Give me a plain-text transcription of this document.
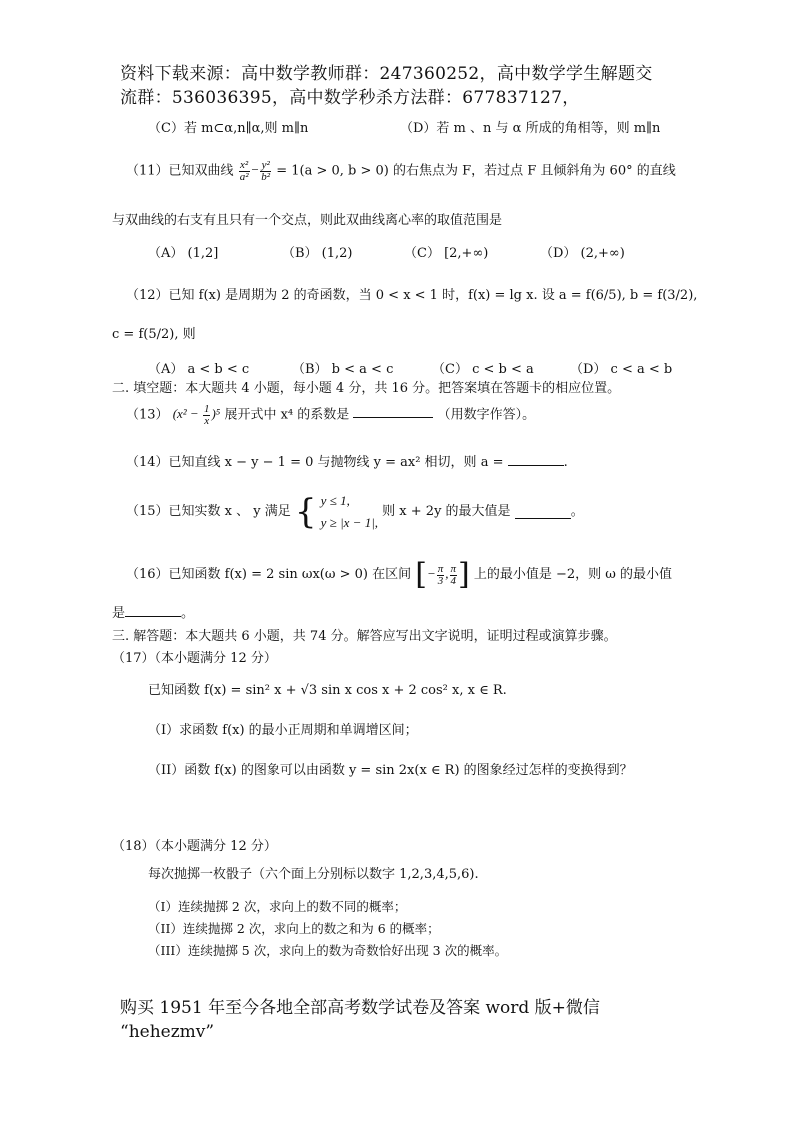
资料下载来源：高中数学教师群：247360252，高中数学学生解题交
流群：536036395，高中数学秒杀方法群：677837127，
（C）若 m⊂α,n∥α,则 m∥n	（D）若 m 、n 与 α 所成的角相等，则 m∥n
（11）已知双曲线 $\frac{\text{x²}}{\text{a²}} - \frac{\text{y²}}{\text{b²}} = 1(a > 0$, b > 0) 的右焦点为 F，若过点 F 且倾斜角为 60° 的直线
与双曲线的右支有且只有一个交点，则此双曲线离心率的取值范围是
（A） (1,2]	（B） (1,2)	（C） [2,+∞)	（D） (2,+∞)
（12）已知 f(x) 是周期为 2 的奇函数，当 0 < x < 1 时，f(x) = lg x. 设 a = f(6/5), b = f(3/2),
c = f(5/2), 则
（A） a < b < c	（B） b < a < c	（C） c < b < a	（D） c < a < b
二. 填空题：本大题共 4 小题，每小题 4 分，共 16 分。把答案填在答题卡的相应位置。
（13） $(x^2 - \frac{1}{x} )^5$ 展开式中 x⁴ 的系数是	（用数字作答）。
（14）已知直线 x − y − 1 = 0 与抛物线 y = ax² 相切，则 a =	.
（15）已知实数 x 、 y 满足 { y ≤ 1,
y ≥ |x − 1|,
则 x + 2y 的最大值是	。
（16）已知函数 f(x) = 2 sin ωx(ω > 0) 在区间 [− $\frac{\pi}{3}$ , $\frac{\pi}{4}$ ] 上的最小值是 −2，则 ω 的最小值
是	。
三. 解答题：本大题共 6 小题，共 74 分。解答应写出文字说明，证明过程或演算步骤。
（17）（本小题满分 12 分）
已知函数 f(x) = sin² x + √3 sin x cos x + 2 cos² x, x ∈ R.
（I）求函数 f(x) 的最小正周期和单调增区间；
（II）函数 f(x) 的图象可以由函数 y = sin 2x(x ∈ R) 的图象经过怎样的变换得到？
（18）（本小题满分 12 分）
每次抛掷一枚骰子（六个面上分别标以数字 1,2,3,4,5,6).
（I）连续抛掷 2 次，求向上的数不同的概率；
（II）连续抛掷 2 次，求向上的数之和为 6 的概率；
（III）连续抛掷 5 次，求向上的数为奇数恰好出现 3 次的概率。
购买 1951 年至今各地全部高考数学试卷及答案 word 版+微信
“hehezmv”
